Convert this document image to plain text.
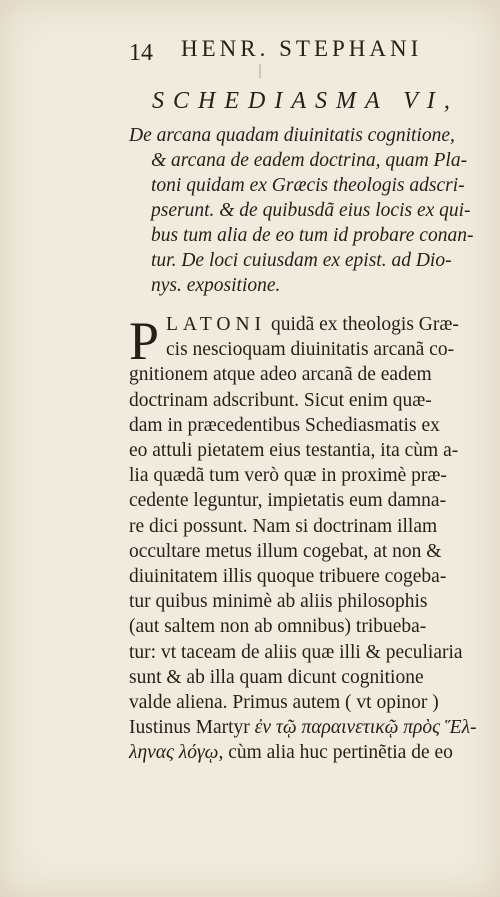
14 HENR. STEPHANI
SCHEDIASMA VI,
De arcana quadam diuinitatis cognitione,
& arcana de eadem doctrina, quam Pla-
toni quidam ex Græcis theologis adscri-
pserunt. & de quibusdã eius locis ex qui-
bus tum alia de eo tum id probare conan-
tur. De loci cuiusdam ex epist. ad Dio-
nys. expositione.
P LATONI quidã ex theologis Græ-
cis nescioquam diuinitatis arcanã co-
gnitionem atque adeo arcanã de eadem
doctrinam adscribunt. Sicut enim quæ-
dam in præcedentibus Schediasmatis ex
eo attuli pietatem eius testantia, ita cùm a-
lia quædã tum verò quæ in proximè præ-
cedente leguntur, impietatis eum damna-
re dici possunt. Nam si doctrinam illam
occultare metus illum cogebat, at non &
diuinitatem illis quoque tribuere cogeba-
tur quibus minimè ab aliis philosophis
(aut saltem non ab omnibus) tribueba-
tur: vt taceam de aliis quæ illi & peculiaria
sunt & ab illa quam dicunt cognitione
valde aliena. Primus autem ( vt opinor )
Iustinus Martyr ἐν τῷ παραινετικῷ πρὸς Ἕλ-
ληνας λόγῳ, cùm alia huc pertinẽtia de eo
